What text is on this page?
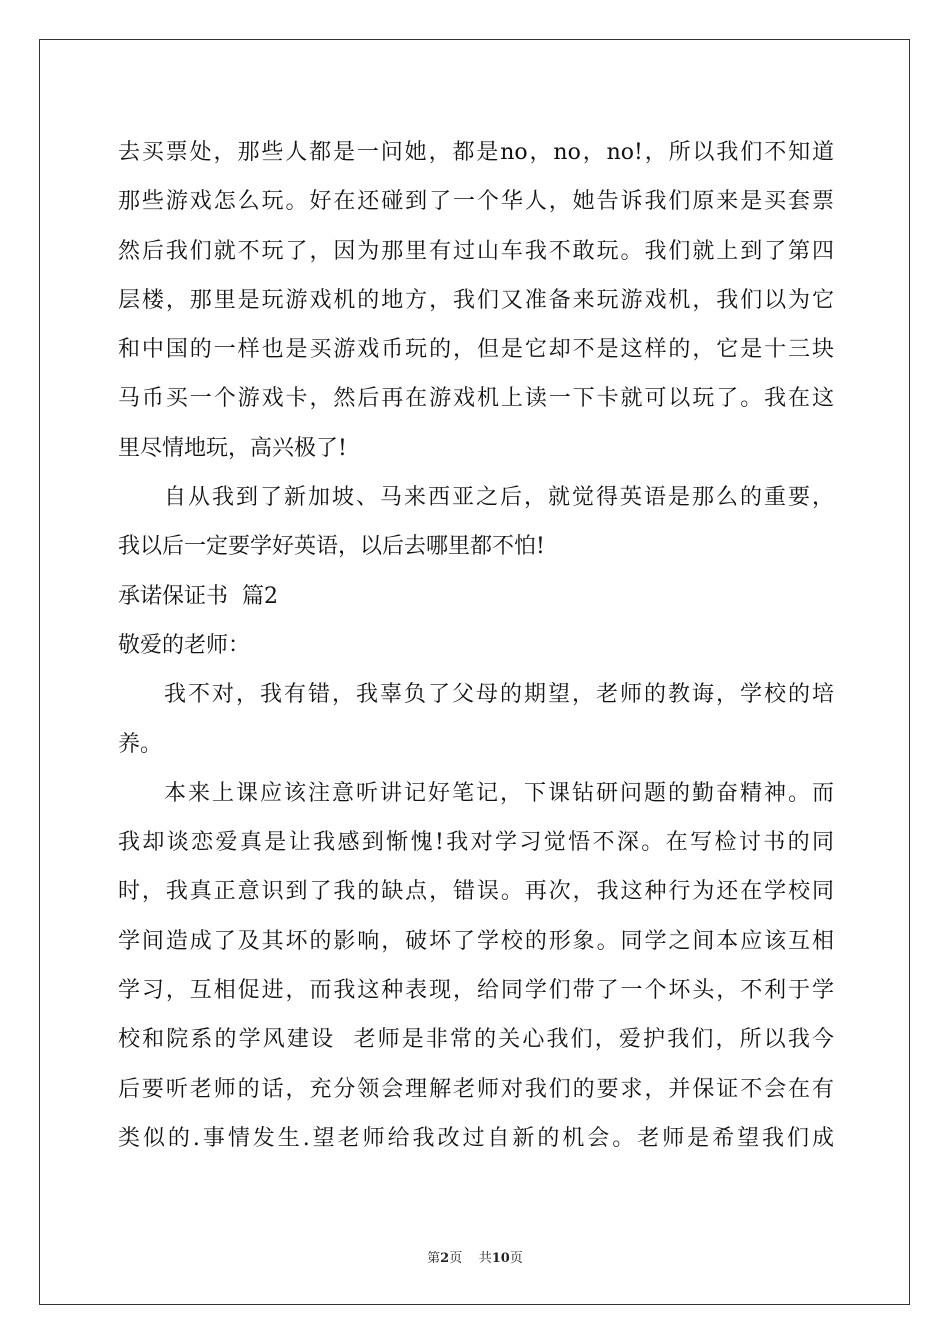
去买票处，那些人都是一问她，都是no，no，no!，所以我们不知道
那些游戏怎么玩。好在还碰到了一个华人，她告诉我们原来是买套票
然后我们就不玩了，因为那里有过山车我不敢玩。我们就上到了第四
层楼，那里是玩游戏机的地方，我们又准备来玩游戏机，我们以为它
和中国的一样也是买游戏币玩的，但是它却不是这样的，它是十三块
马币买一个游戏卡，然后再在游戏机上读一下卡就可以玩了。我在这
里尽情地玩，高兴极了!
自从我到了新加坡、马来西亚之后，就觉得英语是那么的重要，
我以后一定要学好英语，以后去哪里都不怕!
承诺保证书  篇2
敬爱的老师：
我不对，我有错，我辜负了父母的期望，老师的教诲，学校的培
养。
本来上课应该注意听讲记好笔记，下课钻研问题的勤奋精神。而
我却谈恋爱真是让我感到惭愧!我对学习觉悟不深。在写检讨书的同
时，我真正意识到了我的缺点，错误。再次，我这种行为还在学校同
学间造成了及其坏的影响，破坏了学校的形象。同学之间本应该互相
学习，互相促进，而我这种表现，给同学们带了一个坏头，不利于学
校和院系的学风建设  老师是非常的关心我们，爱护我们，所以我今
后要听老师的话，充分领会理解老师对我们的要求，并保证不会在有
类似的.事情发生.望老师给我改过自新的机会。老师是希望我们成
第2页 共10页
